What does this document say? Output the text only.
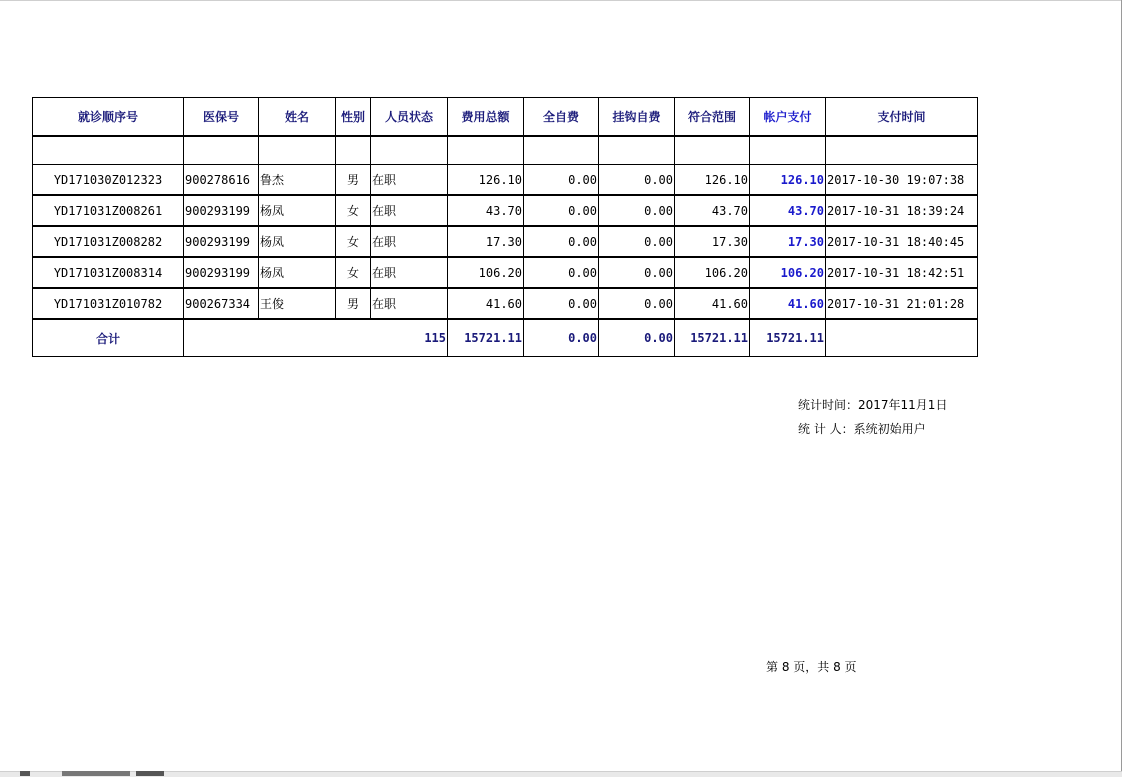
就诊顺序号	医保号	姓名	性别	人员状态	费用总额	全自费	挂钩自费	符合范围	帐户支付	支付时间

YD171030Z012323	900278616	鲁杰	男	在职	126.10	0.00	0.00	126.10	126.10	2017-10-30 19:07:38
YD171031Z008261	900293199	杨凤	女	在职	43.70	0.00	0.00	43.70	43.70	2017-10-31 18:39:24
YD171031Z008282	900293199	杨凤	女	在职	17.30	0.00	0.00	17.30	17.30	2017-10-31 18:40:45
YD171031Z008314	900293199	杨凤	女	在职	106.20	0.00	0.00	106.20	106.20	2017-10-31 18:42:51
YD171031Z010782	900267334	王俊	男	在职	41.60	0.00	0.00	41.60	41.60	2017-10-31 21:01:28
合计	115				15721.11	0.00	0.00	15721.11	15721.11	
统计时间：2017年11月1日
统 计 人：系统初始用户
第 8 页，共 8 页
